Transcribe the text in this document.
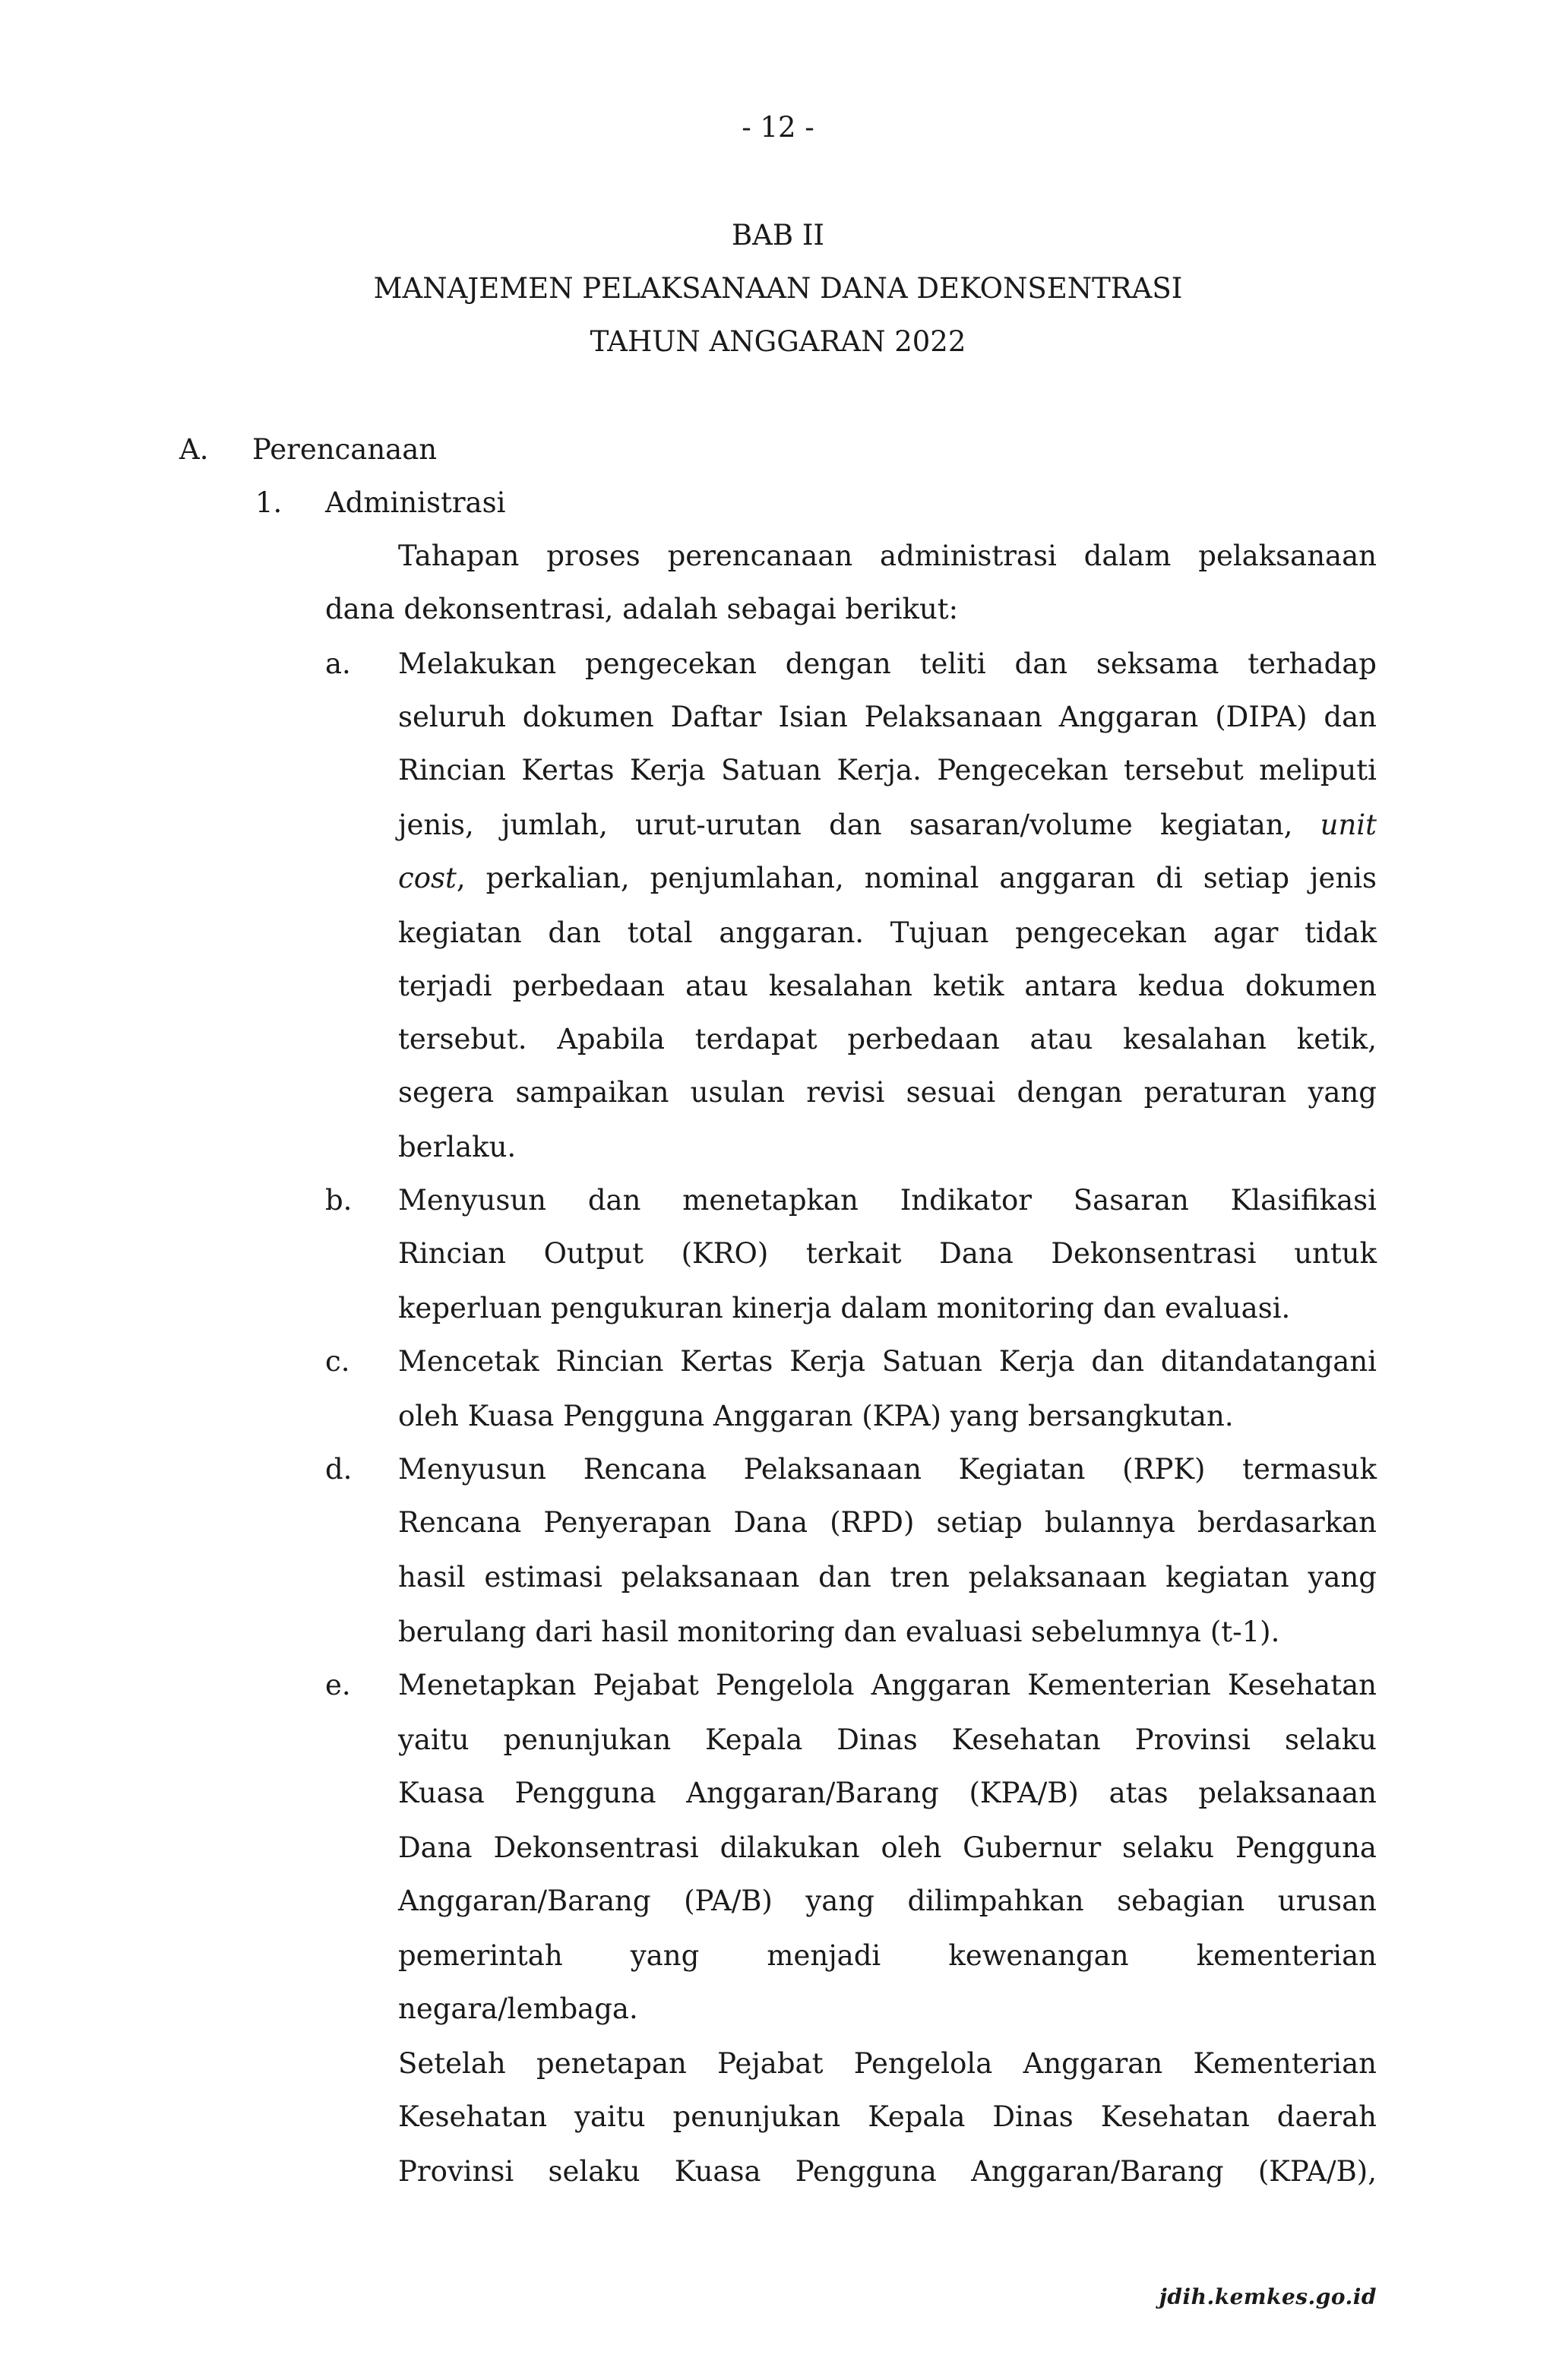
- 12 -
BAB II
MANAJEMEN PELAKSANAAN DANA DEKONSENTRASI
TAHUN ANGGARAN 2022
A. Perencanaan
1. Administrasi
Tahapan proses perencanaan administrasi dalam pelaksanaan
dana dekonsentrasi, adalah sebagai berikut:
a. Melakukan pengecekan dengan teliti dan seksama terhadap
seluruh dokumen Daftar Isian Pelaksanaan Anggaran (DIPA) dan
Rincian Kertas Kerja Satuan Kerja. Pengecekan tersebut meliputi
jenis, jumlah, urut-urutan dan sasaran/volume kegiatan, unit
cost, perkalian, penjumlahan, nominal anggaran di setiap jenis
kegiatan dan total anggaran. Tujuan pengecekan agar tidak
terjadi perbedaan atau kesalahan ketik antara kedua dokumen
tersebut. Apabila terdapat perbedaan atau kesalahan ketik,
segera sampaikan usulan revisi sesuai dengan peraturan yang
berlaku.
b. Menyusun dan menetapkan Indikator Sasaran Klasifikasi
Rincian Output (KRO) terkait Dana Dekonsentrasi untuk
keperluan pengukuran kinerja dalam monitoring dan evaluasi.
c. Mencetak Rincian Kertas Kerja Satuan Kerja dan ditandatangani
oleh Kuasa Pengguna Anggaran (KPA) yang bersangkutan.
d. Menyusun Rencana Pelaksanaan Kegiatan (RPK) termasuk
Rencana Penyerapan Dana (RPD) setiap bulannya berdasarkan
hasil estimasi pelaksanaan dan tren pelaksanaan kegiatan yang
berulang dari hasil monitoring dan evaluasi sebelumnya (t-1).
e. Menetapkan Pejabat Pengelola Anggaran Kementerian Kesehatan
yaitu penunjukan Kepala Dinas Kesehatan Provinsi selaku
Kuasa Pengguna Anggaran/Barang (KPA/B) atas pelaksanaan
Dana Dekonsentrasi dilakukan oleh Gubernur selaku Pengguna
Anggaran/Barang (PA/B) yang dilimpahkan sebagian urusan
pemerintah yang menjadi kewenangan kementerian
negara/lembaga.
Setelah penetapan Pejabat Pengelola Anggaran Kementerian
Kesehatan yaitu penunjukan Kepala Dinas Kesehatan daerah
Provinsi selaku Kuasa Pengguna Anggaran/Barang (KPA/B),
jdih.kemkes.go.id
